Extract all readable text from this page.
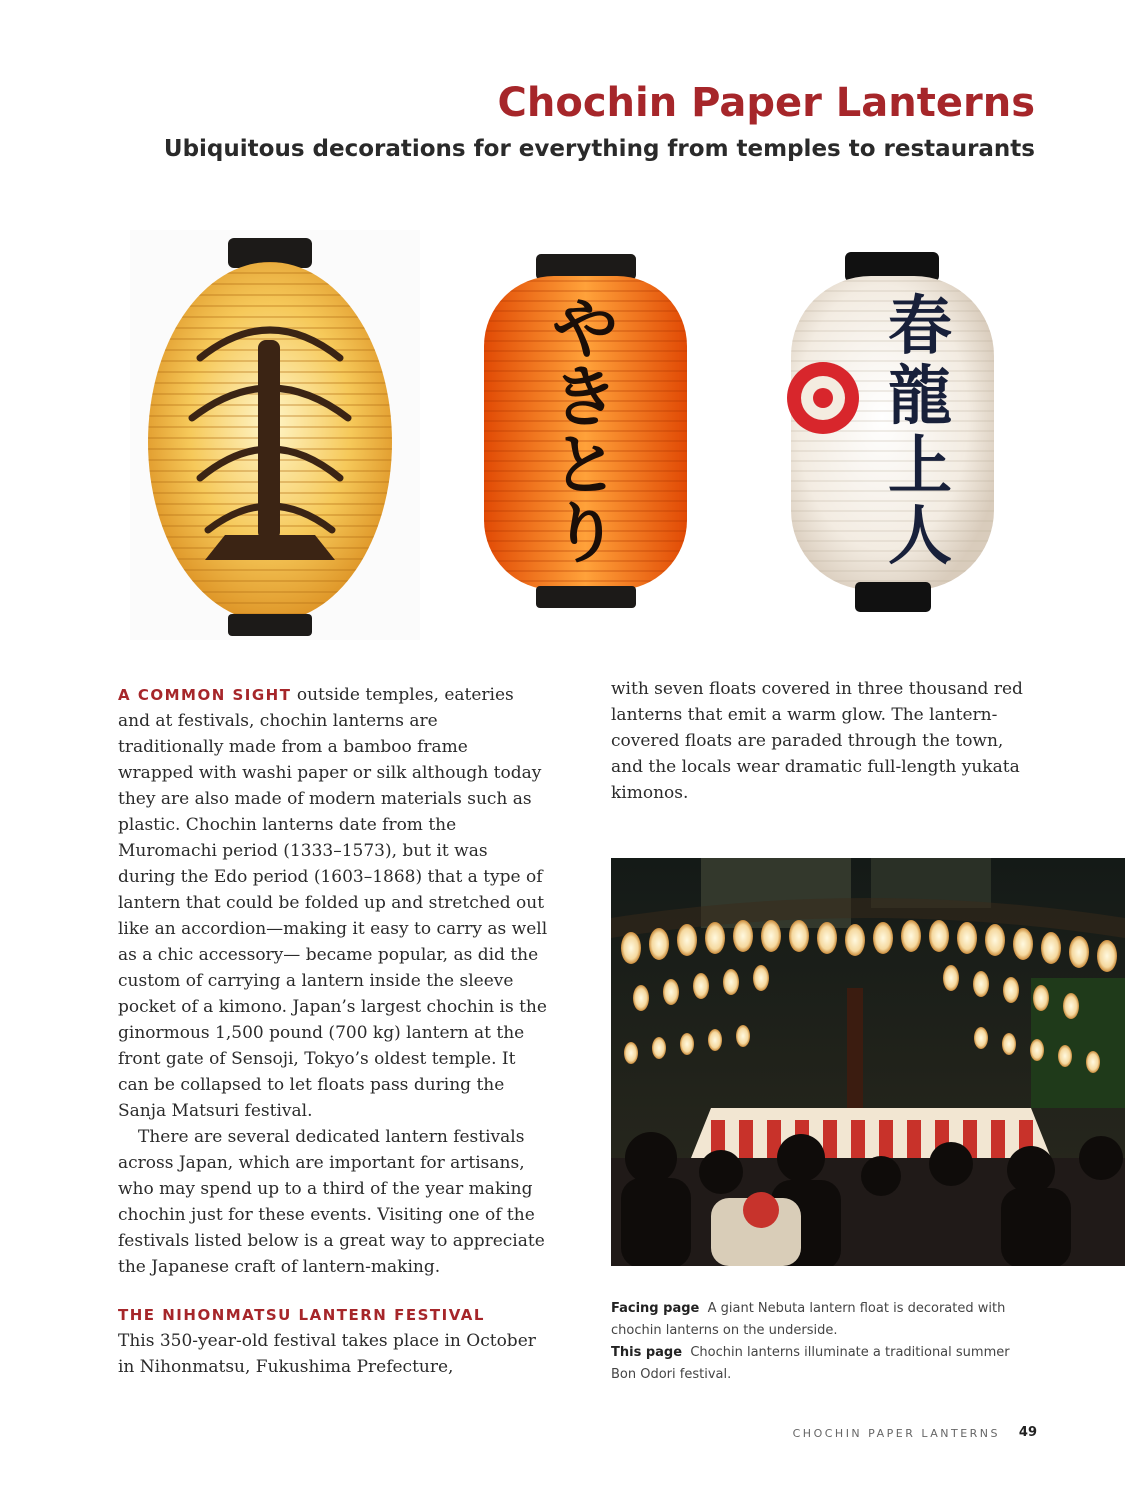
Chochin Paper Lanterns
Ubiquitous decorations for everything from temples to restaurants
や
き
と
り
春
龍
上
人

A COMMON SIGHT outside temples, eateries and at festivals, chochin lanterns are traditionally made from a bamboo frame wrapped with washi paper or silk although today they are also made of modern materials such as plastic. Chochin lanterns date from the Muromachi period (1333–1573), but it was during the Edo period (1603–1868) that a type of lantern that could be folded up and stretched out like an accordion—making it easy to carry as well as a chic accessory— became popular, as did the custom of carrying a lantern inside the sleeve pocket of a kimono. Japan’s largest chochin is the ginormous 1,500 pound (700 kg) lantern at the front gate of Sensoji, Tokyo’s oldest temple. It can be collapsed to let floats pass during the Sanja Matsuri festival.

There are several dedicated lantern festivals across Japan, which are important for artisans, who may spend up to a third of the year making chochin just for these events. Visiting one of the festivals listed below is a great way to appreciate the Japanese craft of lantern-making.

THE NIHONMATSU LANTERN FESTIVAL

This 350-year-old festival takes place in October in Nihonmatsu, Fukushima Prefecture,

with seven floats covered in three thousand red lanterns that emit a warm glow. The lantern-covered floats are paraded through the town, and the locals wear dramatic full-length yukata kimonos.

Facing page A giant Nebuta lantern float is decorated with chochin lanterns on the underside.

This page Chochin lanterns illuminate a traditional summer Bon Odori festival.

CHOCHIN PAPER LANTERNS 49
